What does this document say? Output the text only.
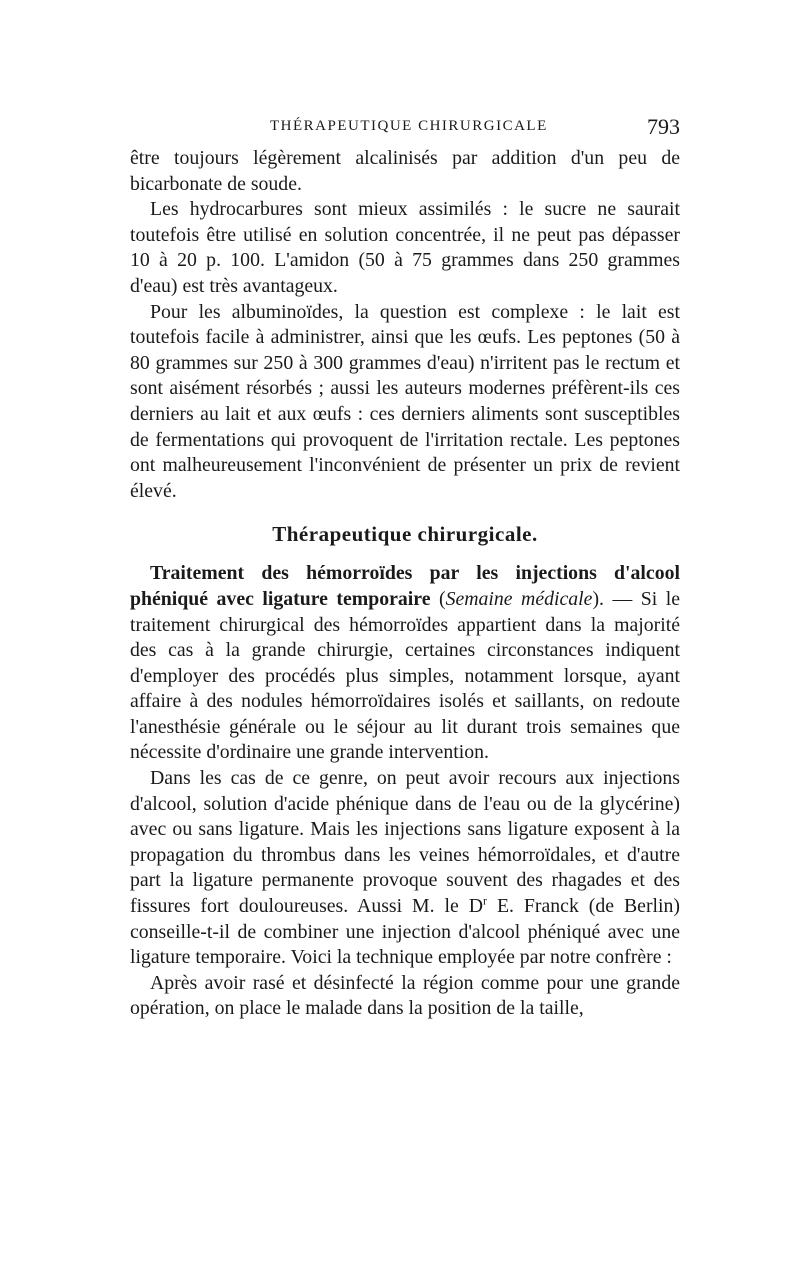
THÉRAPEUTIQUE CHIRURGICALE	793

être toujours légèrement alcalinisés par addition d'un peu de bicarbonate de soude.

Les hydrocarbures sont mieux assimilés : le sucre ne saurait toutefois être utilisé en solution concentrée, il ne peut pas dépasser 10 à 20 p. 100. L'amidon (50 à 75 grammes dans 250 grammes d'eau) est très avantageux.

Pour les albuminoïdes, la question est complexe : le lait est toutefois facile à administrer, ainsi que les œufs. Les peptones (50 à 80 grammes sur 250 à 300 grammes d'eau) n'irritent pas le rectum et sont aisément résorbés ; aussi les auteurs modernes préfèrent-ils ces derniers au lait et aux œufs : ces derniers aliments sont susceptibles de fermentations qui provoquent de l'irritation rectale. Les peptones ont malheureusement l'inconvénient de présenter un prix de revient élevé.

Thérapeutique chirurgicale.

Traitement des hémorroïdes par les injections d'alcool phéniqué avec ligature temporaire (Semaine médicale). — Si le traitement chirurgical des hémorroïdes appartient dans la majorité des cas à la grande chirurgie, certaines circonstances indiquent d'employer des procédés plus simples, notamment lorsque, ayant affaire à des nodules hémorroïdaires isolés et saillants, on redoute l'anesthésie générale ou le séjour au lit durant trois semaines que nécessite d'ordinaire une grande intervention.

Dans les cas de ce genre, on peut avoir recours aux injections d'alcool, solution d'acide phénique dans de l'eau ou de la glycérine) avec ou sans ligature. Mais les injections sans ligature exposent à la propagation du thrombus dans les veines hémorroïdales, et d'autre part la ligature permanente provoque souvent des rhagades et des fissures fort douloureuses. Aussi M. le $D^r$ E. Franck (de Berlin) conseille-t-il de combiner une injection d'alcool phéniqué avec une ligature temporaire. Voici la technique employée par notre confrère :

Après avoir rasé et désinfecté la région comme pour une grande opération, on place le malade dans la position de la taille,
